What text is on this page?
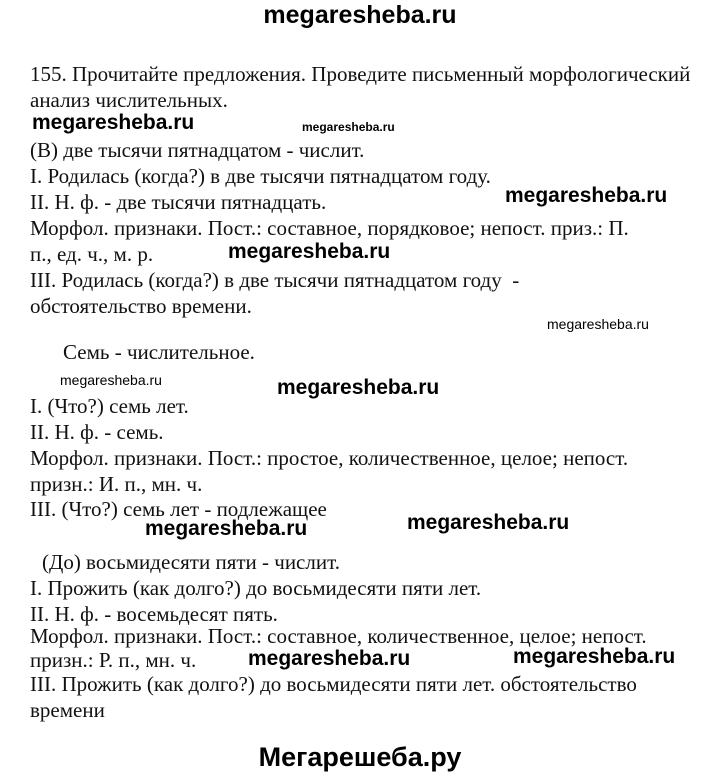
megaresheba.ru
155. Прочитайте предложения. Проведите письменный морфологический
анализ числительных.
megaresheba.ru	megaresheba.ru
(В) две тысячи пятнадцатом - числит.
I. Родилась (когда?) в две тысячи пятнадцатом году.
II. Н. ф. - две тысячи пятнадцать.	megaresheba.ru
Морфол. признаки. Пост.: составное, порядковое; непост. приз.: П.
п., ед. ч., м. р.	megaresheba.ru
III. Родилась (когда?) в две тысячи пятнадцатом году  -
обстоятельство времени.
megaresheba.ru
Семь - числительное.
megaresheba.ru	megaresheba.ru
I. (Что?) семь лет.
II. Н. ф. - семь.
Морфол. признаки. Пост.: простое, количественное, целое; непост.
призн.: И. п., мн. ч.
III. (Что?) семь лет - подлежащее
megaresheba.ru
megaresheba.ru
(До) восьмидесяти пяти - числит.
I. Прожить (как долго?) до восьмидесяти пяти лет.
II. Н. ф. - восемьдесят пять.
Морфол. признаки. Пост.: составное, количественное, целое; непост.
призн.: Р. п., мн. ч.	megaresheba.ru
megaresheba.ru
III. Прожить (как долго?) до восьмидесяти пяти лет. обстоятельство
времени
Мегарешеба.ру
